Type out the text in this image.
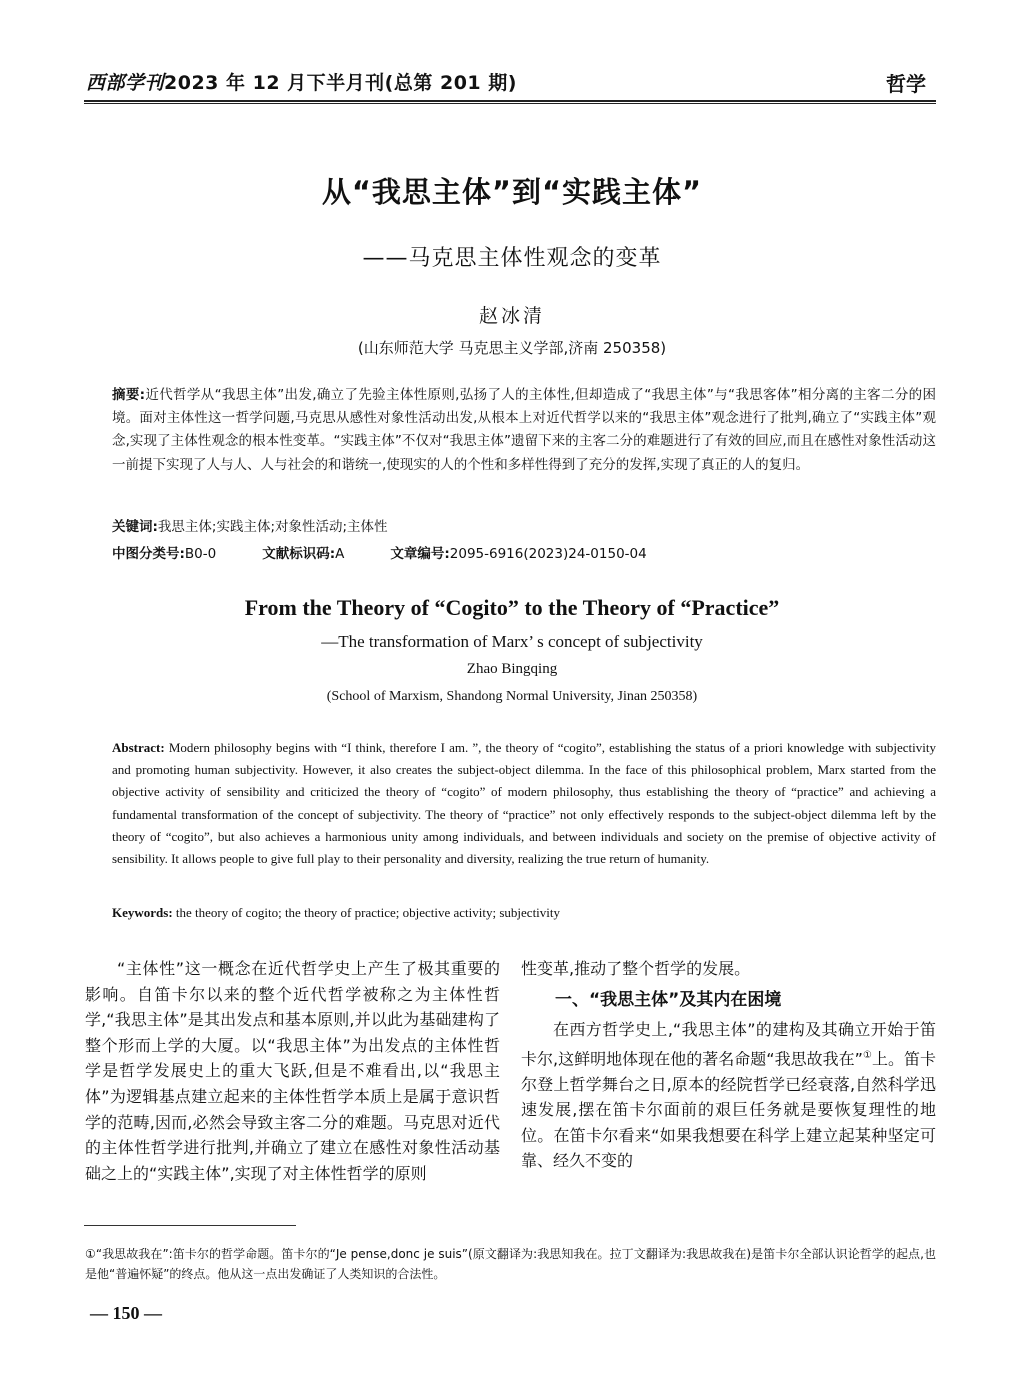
西部学刊2023 年 12 月下半月刊(总第 201 期)	哲学
从“我思主体”到“实践主体”
——马克思主体性观念的变革
赵冰清
(山东师范大学 马克思主义学部,济南 250358)
摘要:近代哲学从“我思主体”出发,确立了先验主体性原则,弘扬了人的主体性,但却造成了“我思主体”与“我思客体”相分离的主客二分的困境。面对主体性这一哲学问题,马克思从感性对象性活动出发,从根本上对近代哲学以来的“我思主体”观念进行了批判,确立了“实践主体”观念,实现了主体性观念的根本性变革。“实践主体”不仅对“我思主体”遗留下来的主客二分的难题进行了有效的回应,而且在感性对象性活动这一前提下实现了人与人、人与社会的和谐统一,使现实的人的个性和多样性得到了充分的发挥,实现了真正的人的复归。
关键词:我思主体;实践主体;对象性活动;主体性
中图分类号:B0-0	文献标识码:A	文章编号:2095-6916(2023)24-0150-04
From the Theory of “Cogito” to the Theory of “Practice”
—The transformation of Marx’ s concept of subjectivity
Zhao Bingqing
(School of Marxism, Shandong Normal University, Jinan 250358)
Abstract: Modern philosophy begins with “I think, therefore I am. ”, the theory of “cogito”, establishing the status of a priori knowledge with subjectivity and promoting human subjectivity. However, it also creates the subject-object dilemma. In the face of this philosophical problem, Marx started from the objective activity of sensibility and criticized the theory of “cogito” of modern philosophy, thus establishing the theory of “practice” and achieving a fundamental transformation of the concept of subjectivity. The theory of “practice” not only effectively responds to the subject-object dilemma left by the theory of “cogito”, but also achieves a harmonious unity among individuals, and between individuals and society on the premise of objective activity of sensibility. It allows people to give full play to their personality and diversity, realizing the true return of humanity.
Keywords: the theory of cogito; the theory of practice; objective activity; subjectivity
“主体性”这一概念在近代哲学史上产生了极其重要的影响。自笛卡尔以来的整个近代哲学被称之为主体性哲学,“我思主体”是其出发点和基本原则,并以此为基础建构了整个形而上学的大厦。以“我思主体”为出发点的主体性哲学是哲学发展史上的重大飞跃,但是不难看出,以“我思主体”为逻辑基点建立起来的主体性哲学本质上是属于意识哲学的范畴,因而,必然会导致主客二分的难题。马克思对近代的主体性哲学进行批判,并确立了建立在感性对象性活动基础之上的“实践主体”,实现了对主体性哲学的原则
性变革,推动了整个哲学的发展。
一、“我思主体”及其内在困境
在西方哲学史上,“我思主体”的建构及其确立开始于笛卡尔,这鲜明地体现在他的著名命题“我思故我在”①上。笛卡尔登上哲学舞台之日,原本的经院哲学已经衰落,自然科学迅速发展,摆在笛卡尔面前的艰巨任务就是要恢复理性的地位。在笛卡尔看来“如果我想要在科学上建立起某种坚定可靠、经久不变的
①“我思故我在”:笛卡尔的哲学命题。笛卡尔的“Je pense,donc je suis”(原文翻译为:我思知我在。拉丁文翻译为:我思故我在)是笛卡尔全部认识论哲学的起点,也是他“普遍怀疑”的终点。他从这一点出发确证了人类知识的合法性。
— 150 —
